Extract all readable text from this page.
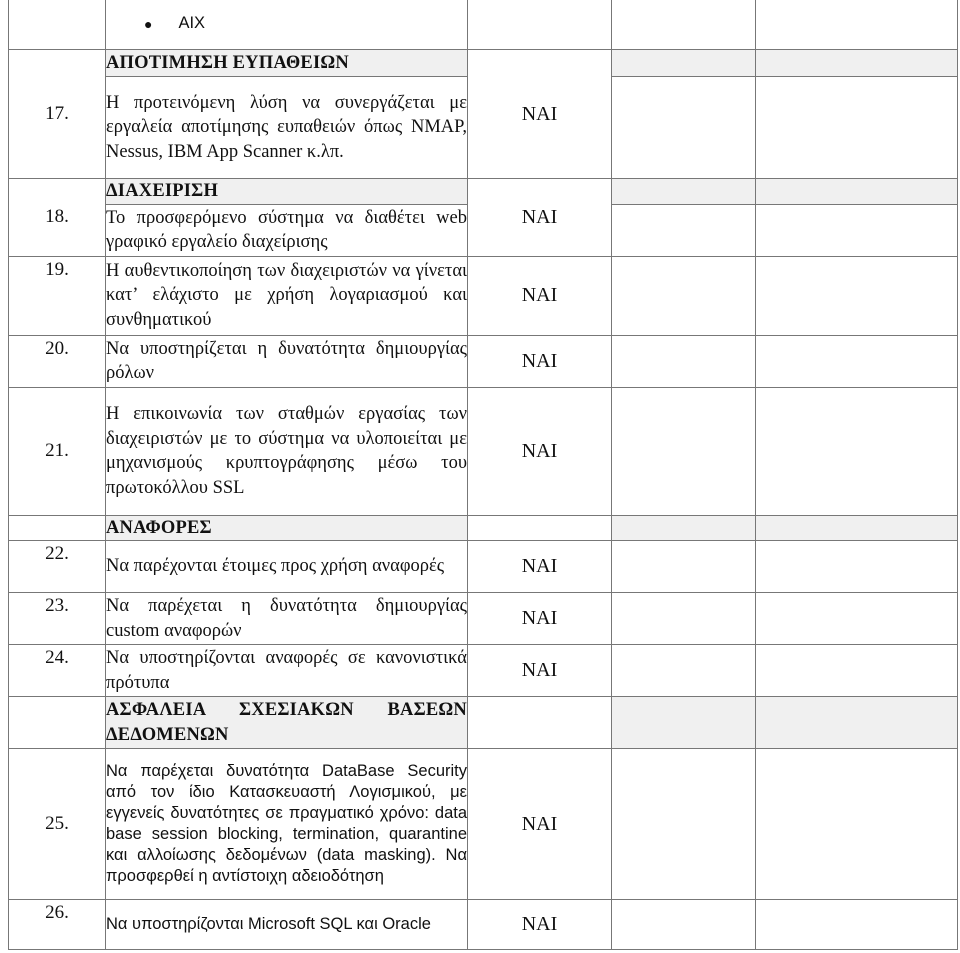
	● AIX			

17.	ΑΠΟΤΙΜΗΣΗ ΕΥΠΑΘΕΙΩΝ	ΝΑΙ		
	Η προτεινόμενη λύση να συνεργάζεται με εργαλεία αποτίμησης ευπαθειών όπως NMAP, Nessus, IBM App Scanner κ.λπ.			
18.	ΔΙΑΧΕΙΡΙΣΗ	ΝΑΙ		
	Το προσφερόμενο σύστημα να διαθέτει web γραφικό εργαλείο διαχείρισης			
19.	Η αυθεντικοποίηση των διαχειριστών να γίνεται κατ’ ελάχιστο με χρήση λογαριασμού και συνθηματικού	ΝΑΙ		
20.	Να υποστηρίζεται η δυνατότητα δημιουργίας ρόλων	ΝΑΙ		
21.	Η επικοινωνία των σταθμών εργασίας των διαχειριστών με το σύστημα να υλοποιείται με μηχανισμούς κρυπτογράφησης μέσω του πρωτοκόλλου SSL	ΝΑΙ		
	ΑΝΑΦΟΡΕΣ			
22.	Να παρέχονται έτοιμες προς χρήση αναφορές	ΝΑΙ		
23.	Να παρέχεται η δυνατότητα δημιουργίας custom αναφορών	ΝΑΙ		
24.	Να υποστηρίζονται αναφορές σε κανονιστικά πρότυπα	ΝΑΙ		

	ΑΣΦΑΛΕΙΑ ΣΧΕΣΙΑΚΩΝ ΒΑΣΕΩΝ ΔΕΔΟΜΕΝΩΝ			

25.	Να παρέχεται δυνατότητα DataBase Security από τον ίδιο Κατασκευαστή Λογισμικού, με εγγενείς δυνατότητες σε πραγματικό χρόνο: data base session blocking, termination, quarantine και αλλοίωσης δεδομένων (data masking). Να προσφερθεί η αντίστοιχη αδειοδότηση	ΝΑΙ		
26.	Να υποστηρίζονται Microsoft SQL και Oracle	ΝΑΙ		
